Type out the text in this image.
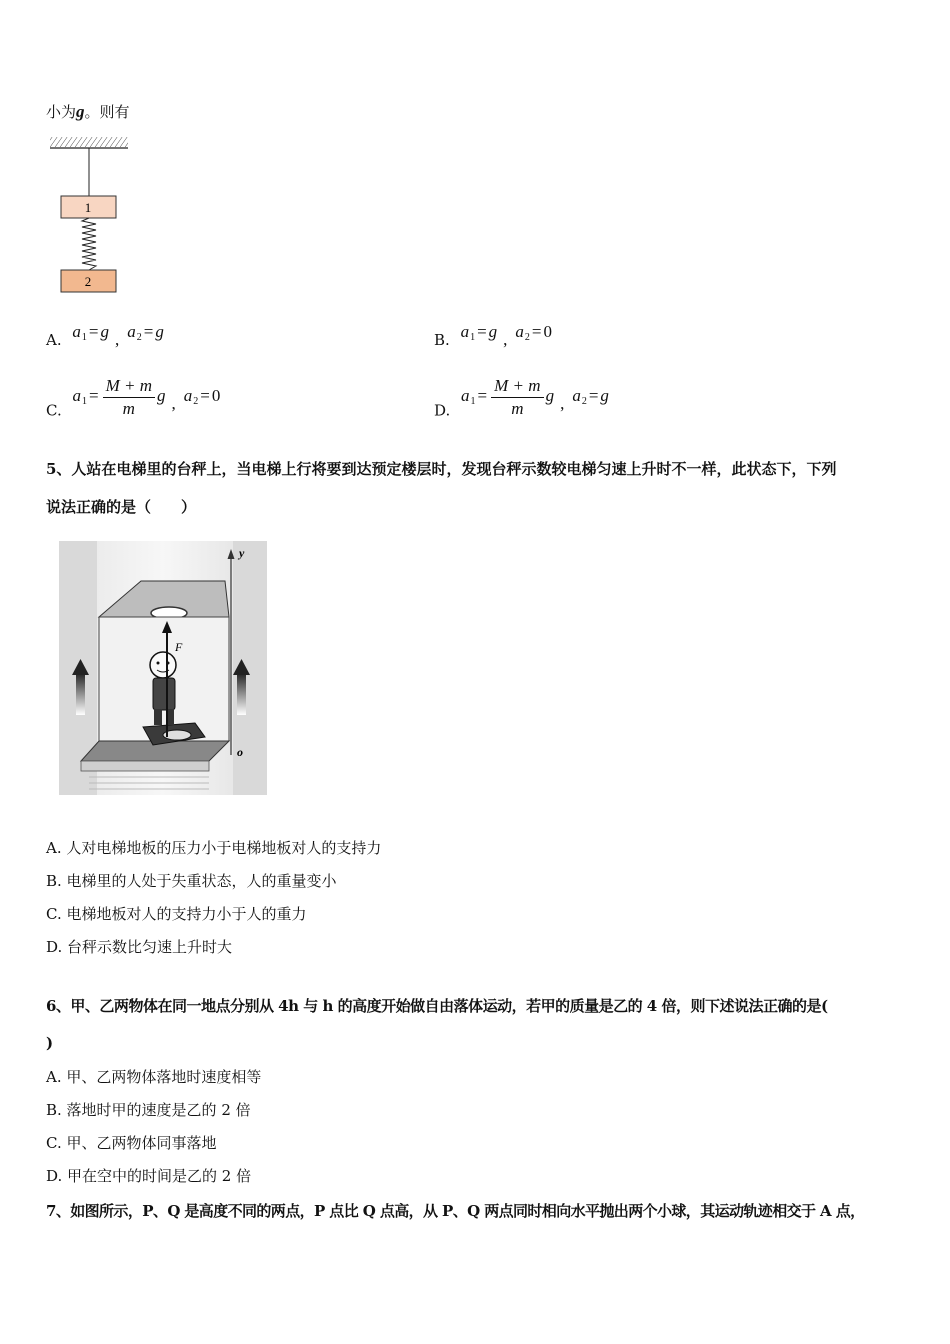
小为g。则有
1
2
A. $a_1 = g$ , $a_2 = g$	B. $a_1 = g$ , $a_2 = 0$
C. $a_1 = \frac{M + m}{m}$ g , $a_2 = 0$
D. $a_1 = \frac{M + m}{m}$ g , $a_2 = g$
5、人站在电梯里的台秤上，当电梯上行将要到达预定楼层时，发现台秤示数较电梯匀速上升时不一样，此状态下，下列
说法正确的是（　　）
F
y
o
A. 人对电梯地板的压力小于电梯地板对人的支持力
B. 电梯里的人处于失重状态，人的重量变小
C. 电梯地板对人的支持力小于人的重力
D. 台秤示数比匀速上升时大
6、甲、乙两物体在同一地点分别从 4h 与 h 的高度开始做自由落体运动，若甲的质量是乙的 4 倍，则下述说法正确的是(
)
A. 甲、乙两物体落地时速度相等
B. 落地时甲的速度是乙的 2 倍
C. 甲、乙两物体同事落地
D. 甲在空中的时间是乙的 2 倍
7、如图所示，P、Q 是高度不同的两点，P 点比 Q 点高，从 P、Q 两点同时相向水平抛出两个小球，其运动轨迹相交于 A 点，
